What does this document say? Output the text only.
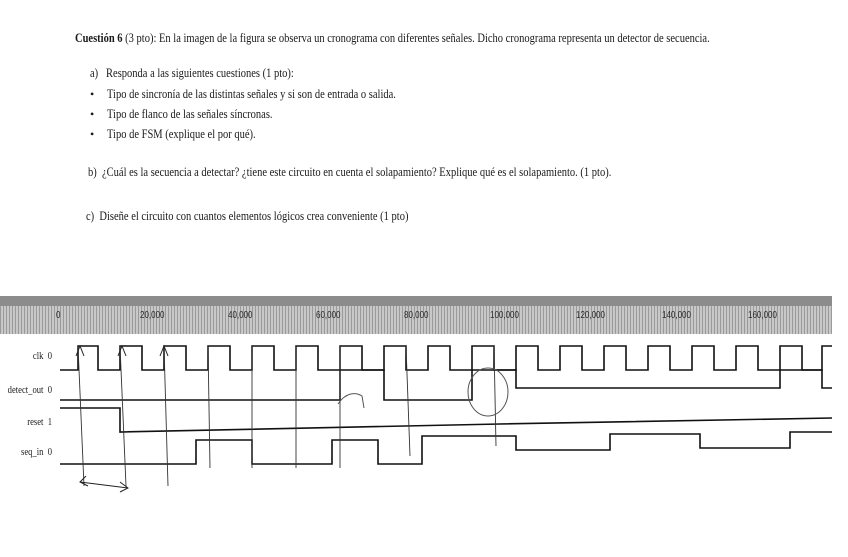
Cuestión 6 (3 pto): En la imagen de la figura se observa un cronograma con diferentes señales. Dicho cronograma representa un detector de secuencia.
a) Responda a las siguientes cuestiones (1 pto):
• Tipo de sincronía de las distintas señales y si son de entrada o salida.
• Tipo de flanco de las señales síncronas.
• Tipo de FSM (explique el por qué).
b) ¿Cuál es la secuencia a detectar? ¿tiene este circuito en cuenta el solapamiento? Explique qué es el solapamiento. (1 pto).
c) Diseñe el circuito con cuantos elementos lógicos crea conveniente (1 pto)
0	20,000	40,000	60,000	80,000	100,000	120,000	140,000	160,000
clk 0
detect_out 0
reset 1
seq_in 0
